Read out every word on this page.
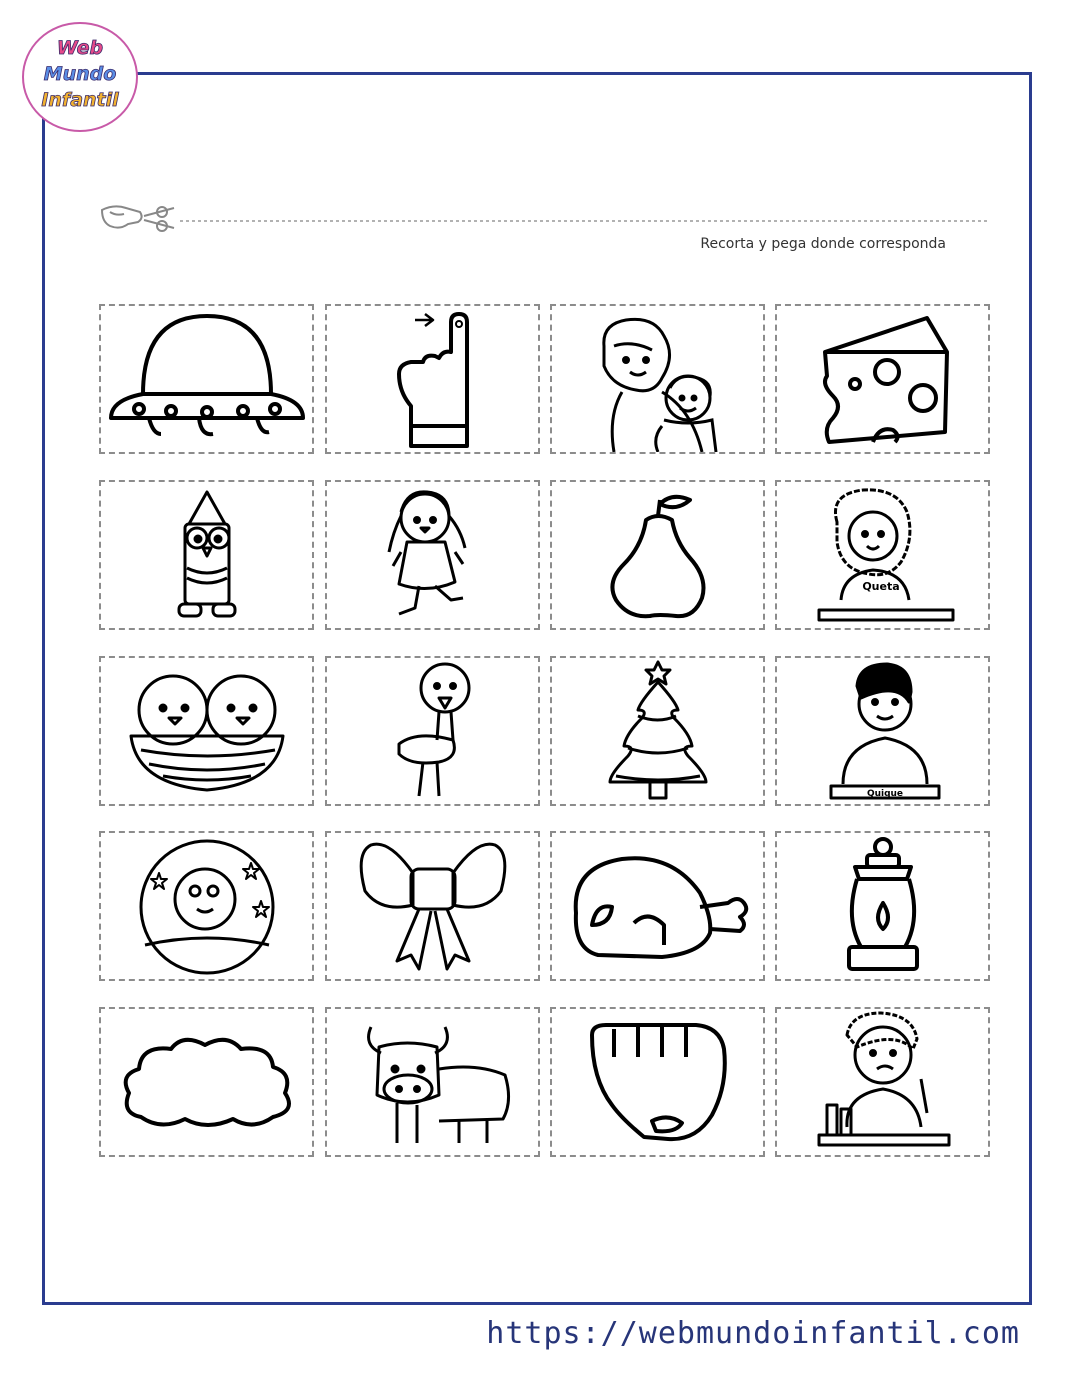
Web
Mundo
Infantil
Recorta y pega donde corresponda
Queta
Quique
https://webmundoinfantil.com
